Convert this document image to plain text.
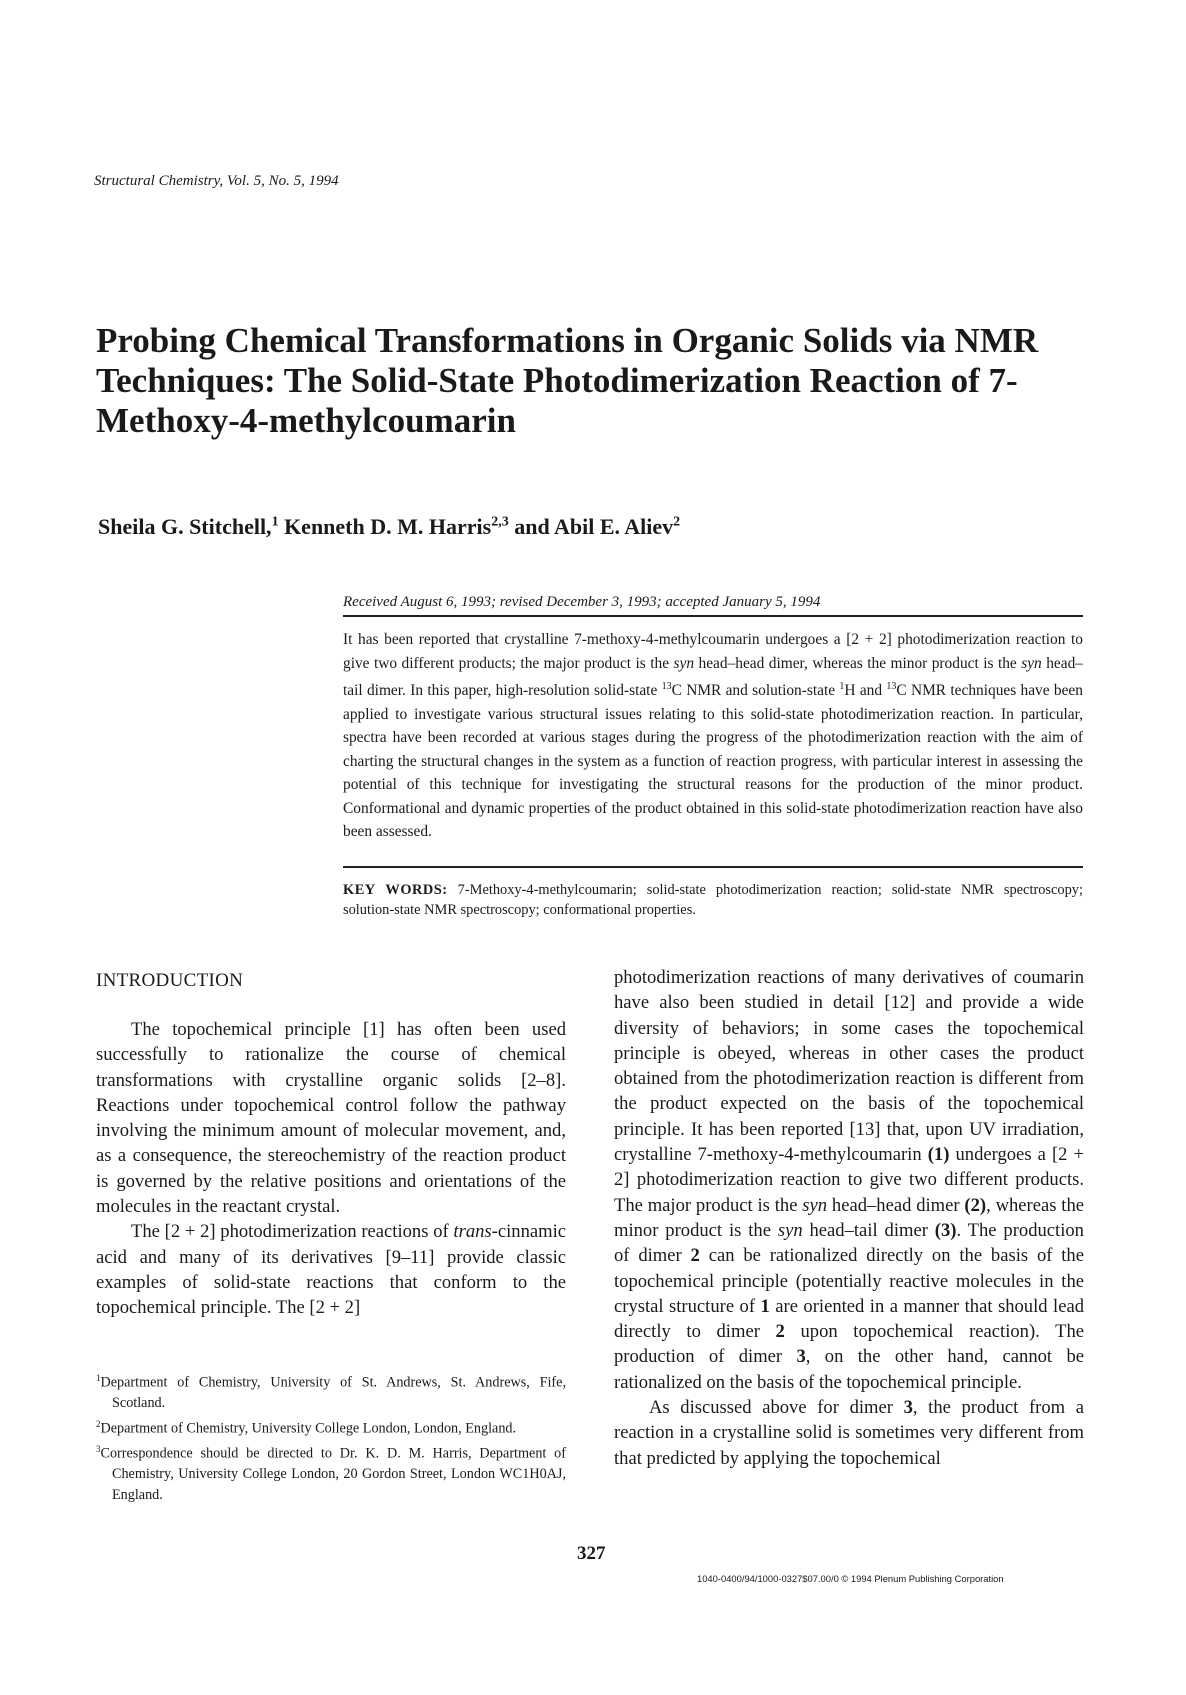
Structural Chemistry, Vol. 5, No. 5, 1994
Probing Chemical Transformations in Organic Solids via NMR Techniques: The Solid-State Photodimerization Reaction of 7-Methoxy-4-methylcoumarin
Sheila G. Stitchell,$^1$ Kenneth D. M. Harris$^{2,3}$ and Abil E. Aliev$^2$
Received August 6, 1993; revised December 3, 1993; accepted January 5, 1994
It has been reported that crystalline 7-methoxy-4-methylcoumarin undergoes a [2 + 2] photodimerization reaction to give two different products; the major product is the syn head–head dimer, whereas the minor product is the syn head–tail dimer. In this paper, high-resolution solid-state $^{13}$C NMR and solution-state $^1$H and $^{13}$C NMR techniques have been applied to investigate various structural issues relating to this solid-state photodimerization reaction. In particular, spectra have been recorded at various stages during the progress of the photodimerization reaction with the aim of charting the structural changes in the system as a function of reaction progress, with particular interest in assessing the potential of this technique for investigating the structural reasons for the production of the minor product. Conformational and dynamic properties of the product obtained in this solid-state photodimerization reaction have also been assessed.
KEY WORDS: 7-Methoxy-4-methylcoumarin; solid-state photodimerization reaction; solid-state NMR spectroscopy; solution-state NMR spectroscopy; conformational properties.
INTRODUCTION

The topochemical principle [1] has often been used successfully to rationalize the course of chemical transformations with crystalline organic solids [2–8]. Reactions under topochemical control follow the pathway involving the minimum amount of molecular movement, and, as a consequence, the stereochemistry of the reaction product is governed by the relative positions and orientations of the molecules in the reactant crystal.

The [2 + 2] photodimerization reactions of trans-cinnamic acid and many of its derivatives [9–11] provide classic examples of solid-state reactions that conform to the topochemical principle. The [2 + 2]

$^1$Department of Chemistry, University of St. Andrews, St. Andrews, Fife, Scotland.
$^2$Department of Chemistry, University College London, London, England.
$^3$Correspondence should be directed to Dr. K. D. M. Harris, Department of Chemistry, University College London, 20 Gordon Street, London WC1H0AJ, England.

photodimerization reactions of many derivatives of coumarin have also been studied in detail [12] and provide a wide diversity of behaviors; in some cases the topochemical principle is obeyed, whereas in other cases the product obtained from the photodimerization reaction is different from the product expected on the basis of the topochemical principle. It has been reported [13] that, upon UV irradiation, crystalline 7-methoxy-4-methylcoumarin (1) undergoes a [2 + 2] photodimerization reaction to give two different products. The major product is the syn head–head dimer (2), whereas the minor product is the syn head–tail dimer (3). The production of dimer 2 can be rationalized directly on the basis of the topochemical principle (potentially reactive molecules in the crystal structure of 1 are oriented in a manner that should lead directly to dimer 2 upon topochemical reaction). The production of dimer 3, on the other hand, cannot be rationalized on the basis of the topochemical principle.

As discussed above for dimer 3, the product from a reaction in a crystalline solid is sometimes very different from that predicted by applying the topochemical

327
1040-0400/94/1000-0327$07.00/0 © 1994 Plenum Publishing Corporation
